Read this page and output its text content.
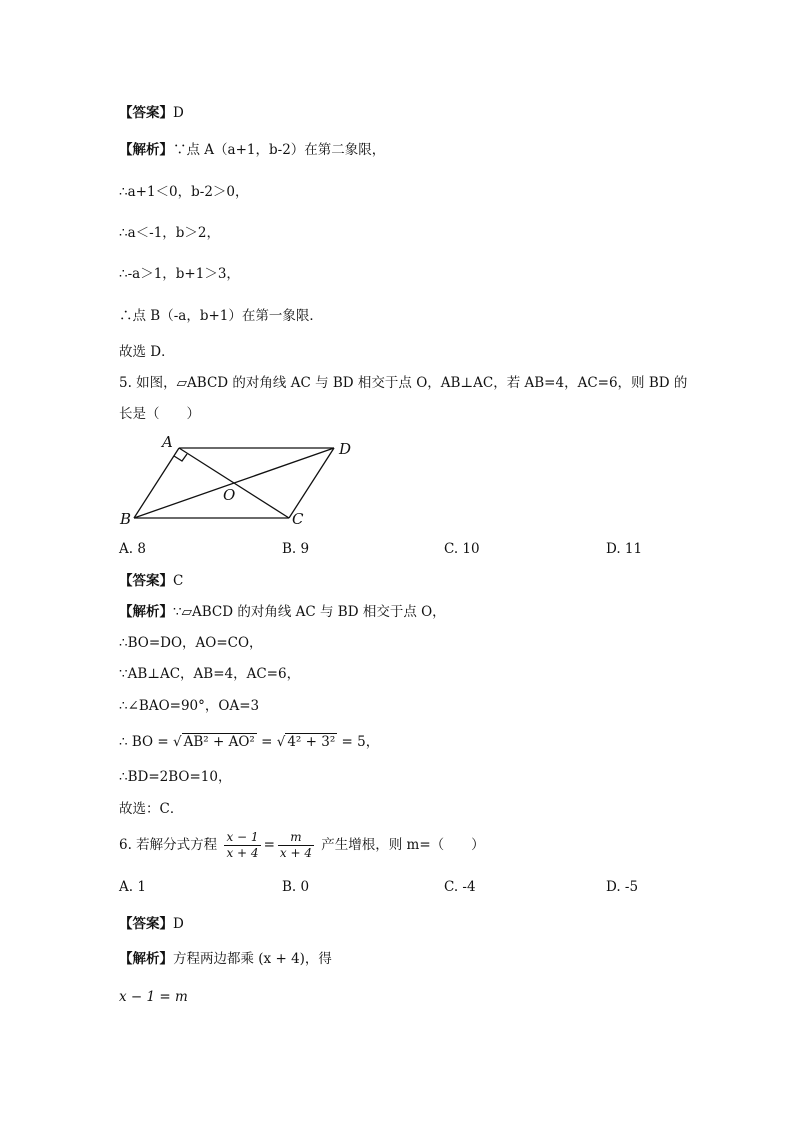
【答案】D
【解析】∵点 A（a+1，b-2）在第二象限，
∴a+1＜0，b-2＞0，
∴a＜-1，b＞2，
∴-a＞1，b+1＞3，
∴点 B（-a，b+1）在第一象限．
故选 D．
5. 如图，▱ABCD 的对角线 AC 与 BD 相交于点 O，AB⊥AC，若 AB=4，AC=6，则 BD 的
长是（　　）
A
B	C
D
O
A. 8	B. 9	C. 10	D. 11
【答案】C
【解析】∵▱ABCD 的对角线 AC 与 BD 相交于点 O，
∴BO=DO，AO=CO，
∵AB⊥AC，AB=4，AC=6，
∴∠BAO=90°，OA=3
∴ BO = √ AB² + AO² = √ 4² + 3² = 5，
∴BD=2BO=10，
故选：C．
6. 若解分式方程 $\frac{x - 1}{x + 4} = \frac{m}{x + 4}$ 产生增根，则 m=（　　）
A. 1	B. 0	C. -4	D. -5
【答案】D
【解析】方程两边都乘 (x + 4)，得
x − 1 = m
